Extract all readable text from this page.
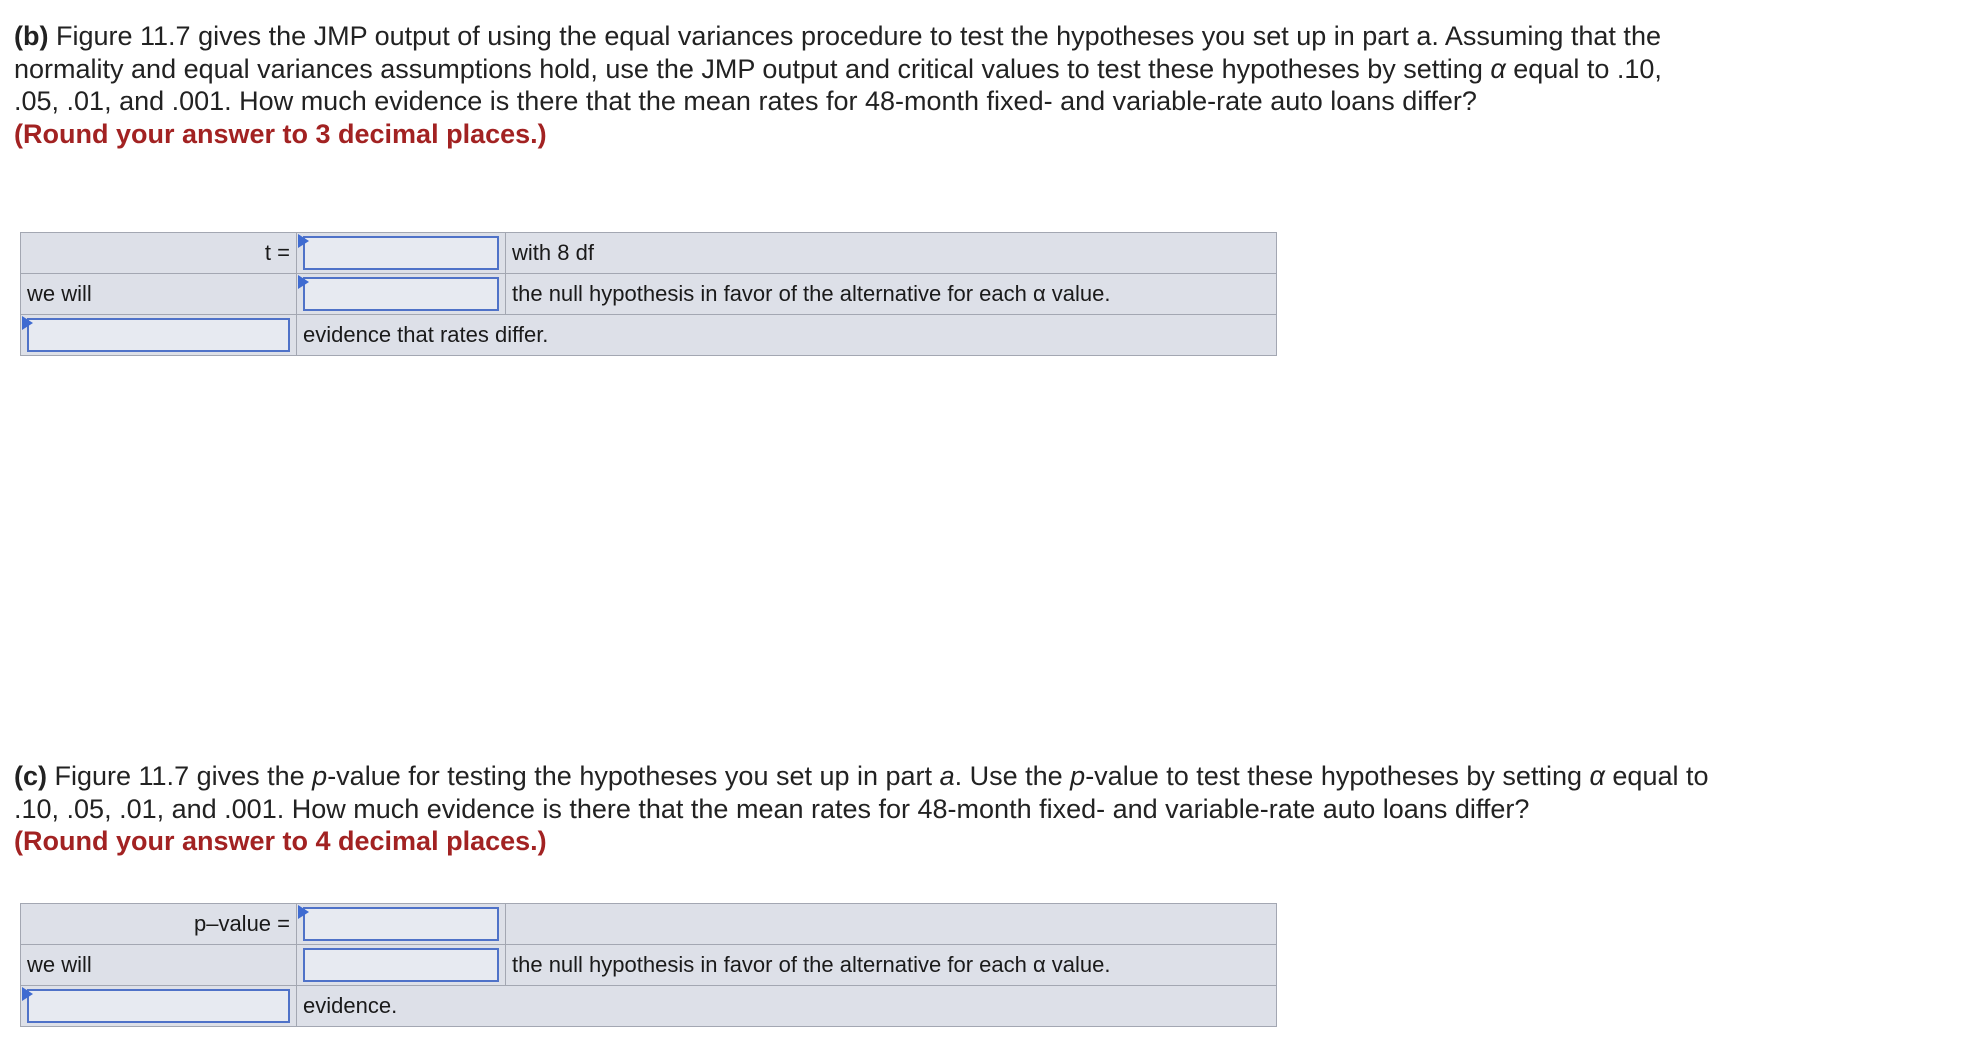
(b) Figure 11.7 gives the JMP output of using the equal variances procedure to test the hypotheses you set up in part a. Assuming that the normality and equal variances assumptions hold, use the JMP output and critical values to test these hypotheses by setting α equal to .10, .05, .01, and .001. How much evidence is there that the mean rates for 48-month fixed- and variable-rate auto loans differ?
(Round your answer to 3 decimal places.)
t =		with 8 df
we will		the null hypothesis in favor of the alternative for each α value.

	evidence that rates differ.	
(c) Figure 11.7 gives the p-value for testing the hypotheses you set up in part a. Use the p-value to test these hypotheses by setting α equal to .10, .05, .01, and .001. How much evidence is there that the mean rates for 48-month fixed- and variable-rate auto loans differ?
(Round your answer to 4 decimal places.)
p–value =	

we will		the null hypothesis in favor of the alternative for each α value.

	evidence.	
